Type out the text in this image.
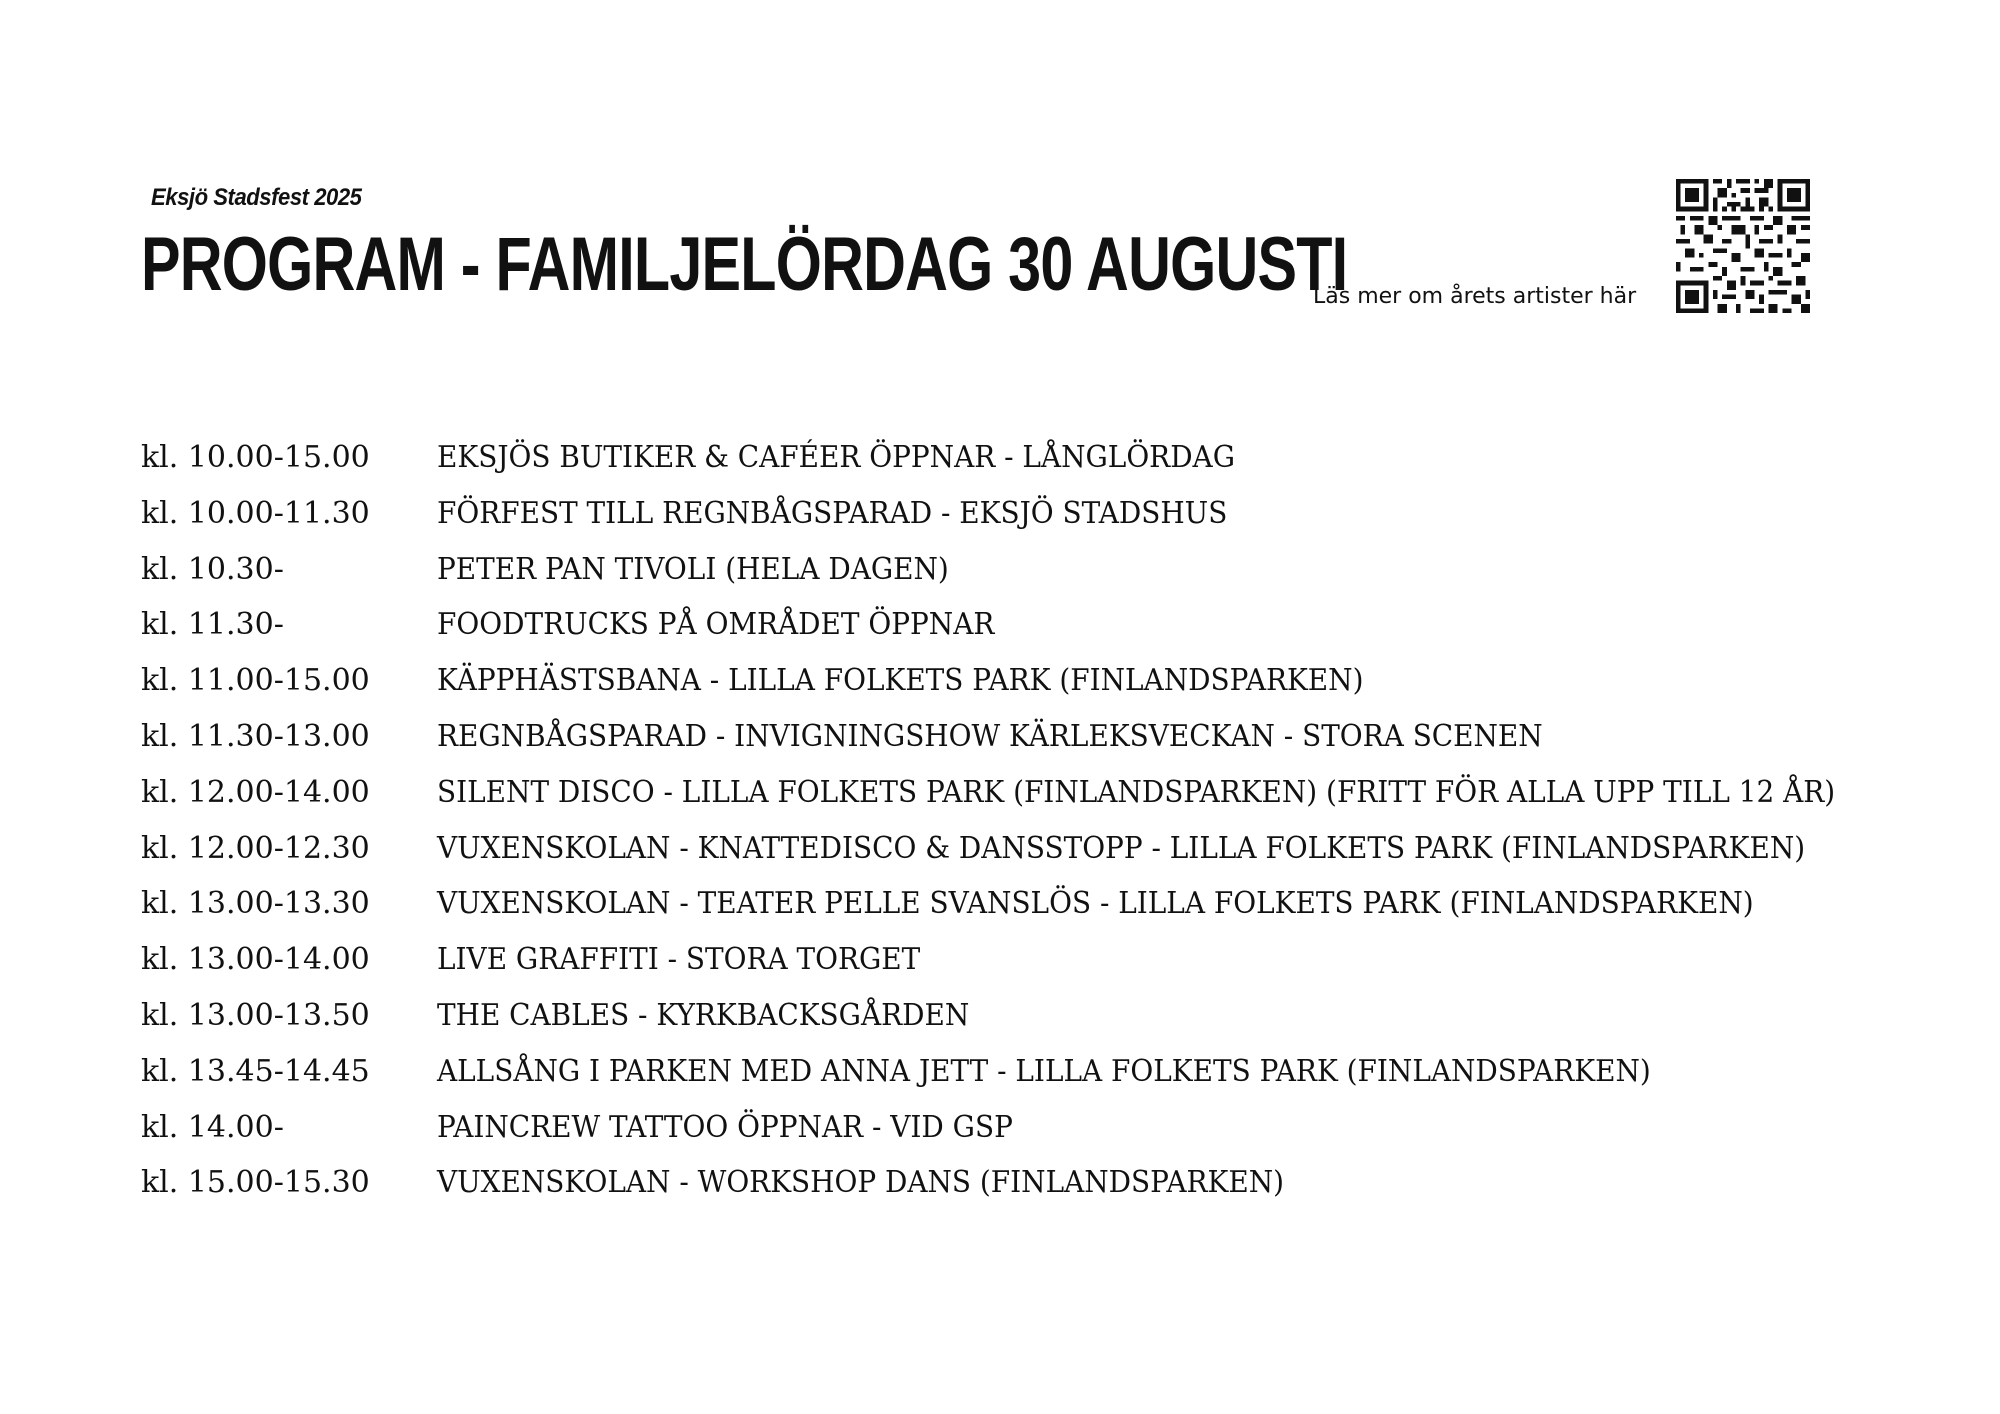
Eksjö Stadsfest 2025
PROGRAM - FAMILJELÖRDAG 30 AUGUSTI
Läs mer om årets artister här
kl. 10.00-15.00	EKSJÖS BUTIKER & CAFÉER ÖPPNAR - LÅNGLÖRDAG
kl. 10.00-11.30	FÖRFEST TILL REGNBÅGSPARAD - EKSJÖ STADSHUS
kl. 10.30-	PETER PAN TIVOLI (HELA DAGEN)
kl. 11.30-	FOODTRUCKS PÅ OMRÅDET ÖPPNAR
kl. 11.00-15.00	KÄPPHÄSTSBANA - LILLA FOLKETS PARK (FINLANDSPARKEN)
kl. 11.30-13.00	REGNBÅGSPARAD - INVIGNINGSHOW KÄRLEKSVECKAN - STORA SCENEN
kl. 12.00-14.00	SILENT DISCO - LILLA FOLKETS PARK (FINLANDSPARKEN) (FRITT FÖR ALLA UPP TILL 12 ÅR)
kl. 12.00-12.30	VUXENSKOLAN - KNATTEDISCO & DANSSTOPP - LILLA FOLKETS PARK (FINLANDSPARKEN)
kl. 13.00-13.30	VUXENSKOLAN - TEATER PELLE SVANSLÖS - LILLA FOLKETS PARK (FINLANDSPARKEN)
kl. 13.00-14.00	LIVE GRAFFITI - STORA TORGET
kl. 13.00-13.50	THE CABLES - KYRKBACKSGÅRDEN
kl. 13.45-14.45	ALLSÅNG I PARKEN MED ANNA JETT - LILLA FOLKETS PARK (FINLANDSPARKEN)
kl. 14.00-	PAINCREW TATTOO ÖPPNAR - VID GSP
kl. 15.00-15.30	VUXENSKOLAN - WORKSHOP DANS (FINLANDSPARKEN)
